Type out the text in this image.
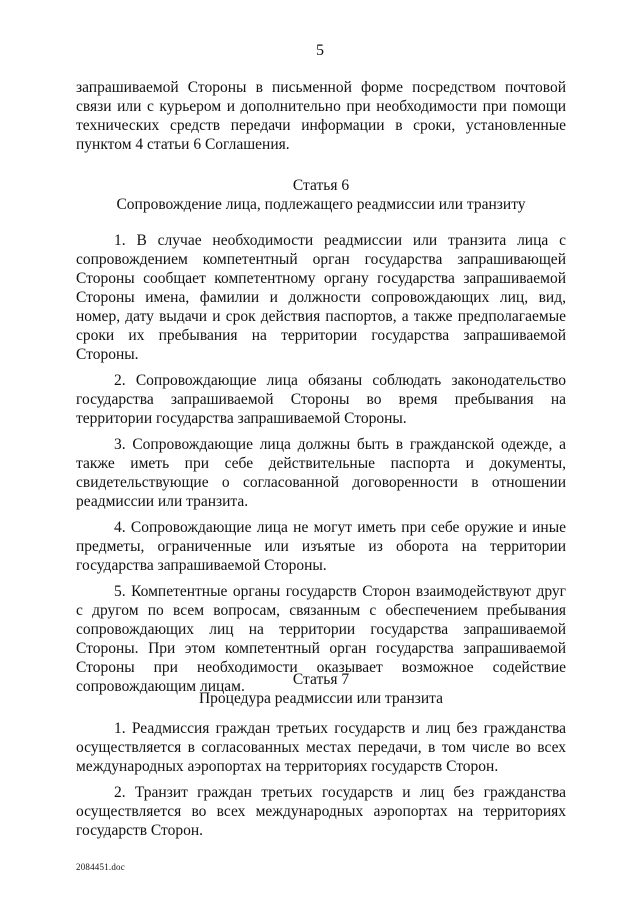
5

запрашиваемой Стороны в письменной форме посредством почтовой связи или с курьером и дополнительно при необходимости при помощи технических средств передачи информации в сроки, установленные пунктом 4 статьи 6 Соглашения.

Статья 6
Сопровождение лица, подлежащего реадмиссии или транзиту

1. В случае необходимости реадмиссии или транзита лица с сопровождением компетентный орган государства запрашивающей Стороны сообщает компетентному органу государства запрашиваемой Стороны имена, фамилии и должности сопровождающих лиц, вид, номер, дату выдачи и срок действия паспортов, а также предполагаемые сроки их пребывания на территории государства запрашиваемой Стороны.

2. Сопровождающие лица обязаны соблюдать законодательство государства запрашиваемой Стороны во время пребывания на территории государства запрашиваемой Стороны.

3. Сопровождающие лица должны быть в гражданской одежде, а также иметь при себе действительные паспорта и документы, свидетельствующие о согласованной договоренности в отношении реадмиссии или транзита.

4. Сопровождающие лица не могут иметь при себе оружие и иные предметы, ограниченные или изъятые из оборота на территории государства запрашиваемой Стороны.

5. Компетентные органы государств Сторон взаимодействуют друг с другом по всем вопросам, связанным с обеспечением пребывания сопровождающих лиц на территории государства запрашиваемой Стороны. При этом компетентный орган государства запрашиваемой Стороны при необходимости оказывает возможное содействие сопровождающим лицам.	Статья 7
Процедура реадмиссии или транзита

1. Реадмиссия граждан третьих государств и лиц без гражданства осуществляется в согласованных местах передачи, в том числе во всех международных аэропортах на территориях государств Сторон.

2. Транзит граждан третьих государств и лиц без гражданства осуществляется во всех международных аэропортах на территориях государств Сторон.

2084451.doc
